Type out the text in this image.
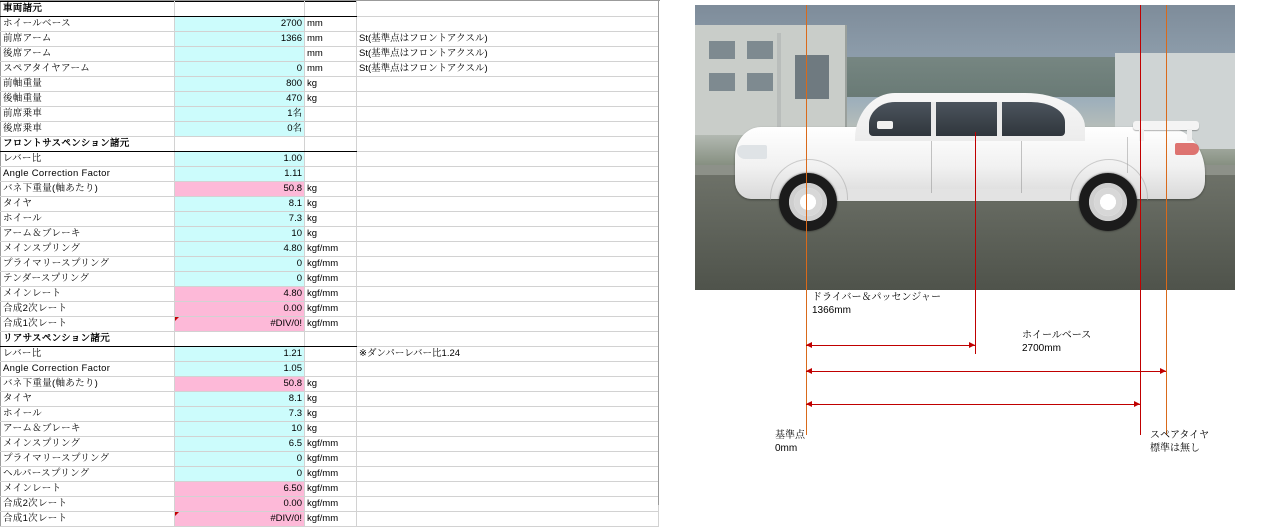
車両諸元			
ホイールベース	2700	mm	
前席アーム	1366	mm	St(基準点はフロントアクスル)
後席アーム		mm	St(基準点はフロントアクスル)
スペアタイヤアーム	0	mm	St(基準点はフロントアクスル)
前軸重量	800	kg	
後軸重量	470	kg	
前席乗車	1名		
後席乗車	0名		
フロントサスペンション諸元			
レバー比	1.00		
Angle Correction Factor	1.11		
バネ下重量(軸あたり)	50.8	kg	
タイヤ	8.1	kg	
ホイール	7.3	kg	
アーム＆ブレーキ	10	kg	
メインスプリング	4.80	kgf/mm	
プライマリースプリング	0	kgf/mm	
テンダースプリング	0	kgf/mm	
メインレート	4.80	kgf/mm	
合成2次レート	0.00	kgf/mm	
合成1次レート	#DIV/0!	kgf/mm	
リアサスペンション諸元			
レバー比	1.21		※ダンパーレバー比1.24
Angle Correction Factor	1.05		
バネ下重量(軸あたり)	50.8	kg	
タイヤ	8.1	kg	
ホイール	7.3	kg	
アーム＆ブレーキ	10	kg	
メインスプリング	6.5	kgf/mm	
プライマリースプリング	0	kgf/mm	
ヘルパースプリング	0	kgf/mm	
メインレート	6.50	kgf/mm	
合成2次レート	0.00	kgf/mm	
合成1次レート	#DIV/0!	kgf/mm	
ドライバー＆パッセンジャー
1366mm
ホイールベース
2700mm
基準点
0mm
スペアタイヤ
標準は無し
